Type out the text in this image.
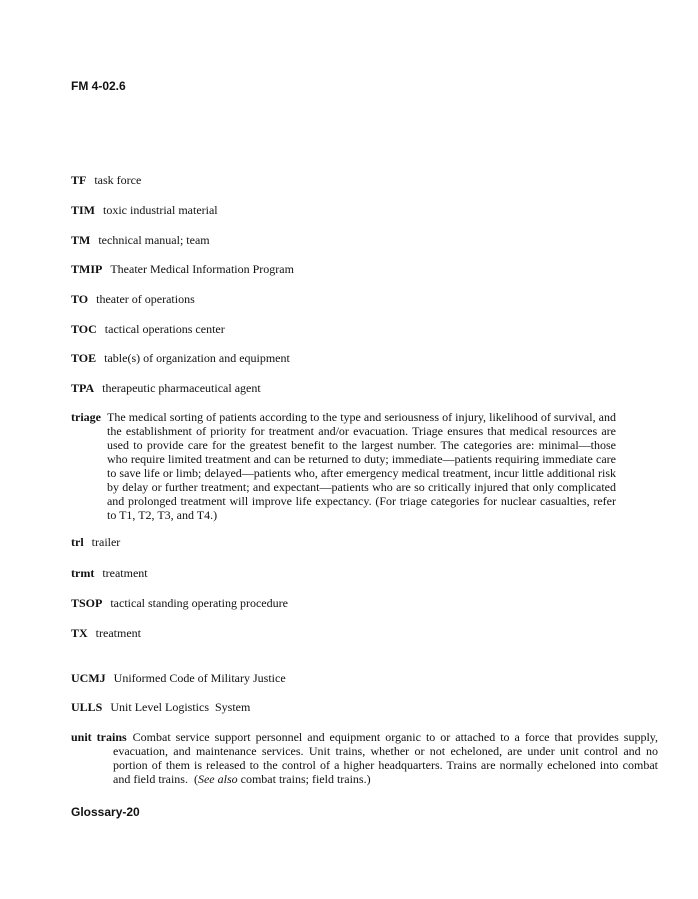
FM 4-02.6
TF task force
TIM toxic industrial material
TM technical manual; team
TMIP Theater Medical Information Program
TO theater of operations
TOC tactical operations center
TOE table(s) of organization and equipment
TPA therapeutic pharmaceutical agent
triage The medical sorting of patients according to the type and seriousness of injury, likelihood of survival, and the establishment of priority for treatment and/or evacuation. Triage ensures that medical resources are used to provide care for the greatest benefit to the largest number. The categories are: minimal—those who require limited treatment and can be returned to duty; immediate—patients requiring immediate care to save life or limb; delayed—patients who, after emergency medical treatment, incur little additional risk by delay or further treatment; and expectant—patients who are so critically injured that only complicated and prolonged treatment will improve life expectancy. (For triage categories for nuclear casualties, refer to T1, T2, T3, and T4.)
trl trailer
trmt treatment
TSOP tactical standing operating procedure
TX treatment
UCMJ Uniformed Code of Military Justice
ULLS Unit Level Logistics  System
unit trains Combat service support personnel and equipment organic to or attached to a force that provides supply, evacuation, and maintenance services. Unit trains, whether or not echeloned, are under unit control and no portion of them is released to the control of a higher headquarters. Trains are normally echeloned into combat and field trains. (See also combat trains; field trains.)
Glossary-20
